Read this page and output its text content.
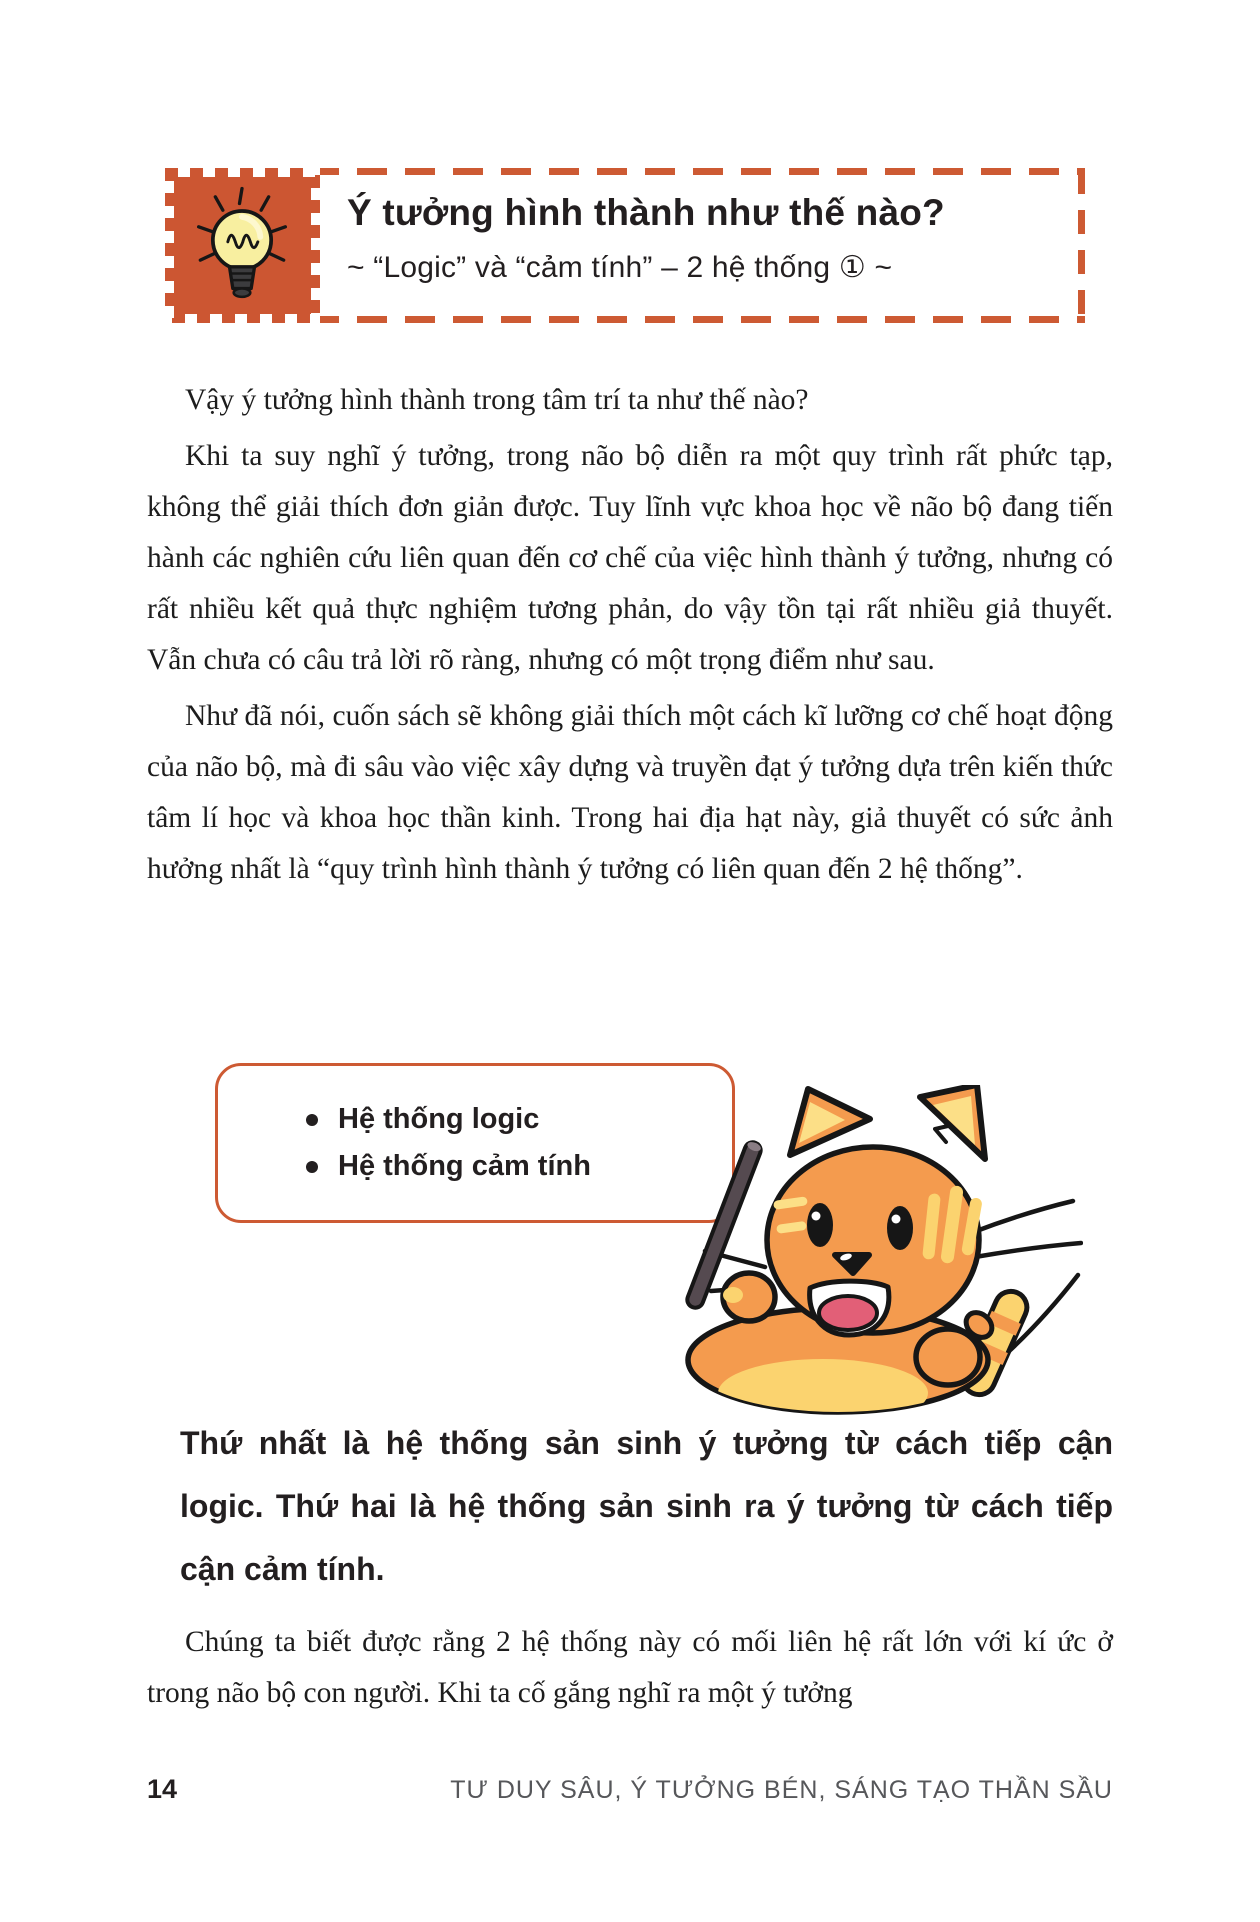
Ý tưởng hình thành như thế nào?
~ “Logic” và “cảm tính” – 2 hệ thống ① ~

Vậy ý tưởng hình thành trong tâm trí ta như thế nào?

Khi ta suy nghĩ ý tưởng, trong não bộ diễn ra một quy trình rất phức tạp, không thể giải thích đơn giản được. Tuy lĩnh vực khoa học về não bộ đang tiến hành các nghiên cứu liên quan đến cơ chế của việc hình thành ý tưởng, nhưng có rất nhiều kết quả thực nghiệm tương phản, do vậy tồn tại rất nhiều giả thuyết. Vẫn chưa có câu trả lời rõ ràng, nhưng có một trọng điểm như sau.

Như đã nói, cuốn sách sẽ không giải thích một cách kĩ lưỡng cơ chế hoạt động của não bộ, mà đi sâu vào việc xây dựng và truyền đạt ý tưởng dựa trên kiến thức tâm lí học và khoa học thần kinh. Trong hai địa hạt này, giả thuyết có sức ảnh hưởng nhất là “quy trình hình thành ý tưởng có liên quan đến 2 hệ thống”.

Hệ thống logic
Hệ thống cảm tính
Thứ nhất là hệ thống sản sinh ý tưởng từ cách tiếp cận logic. Thứ hai là hệ thống sản sinh ra ý tưởng từ cách tiếp cận cảm tính.
Chúng ta biết được rằng 2 hệ thống này có mối liên hệ rất lớn với kí ức ở trong não bộ con người. Khi ta cố gắng nghĩ ra một ý tưởng
14	TƯ DUY SÂU, Ý TƯỞNG BÉN, SÁNG TẠO THẦN SẦU
